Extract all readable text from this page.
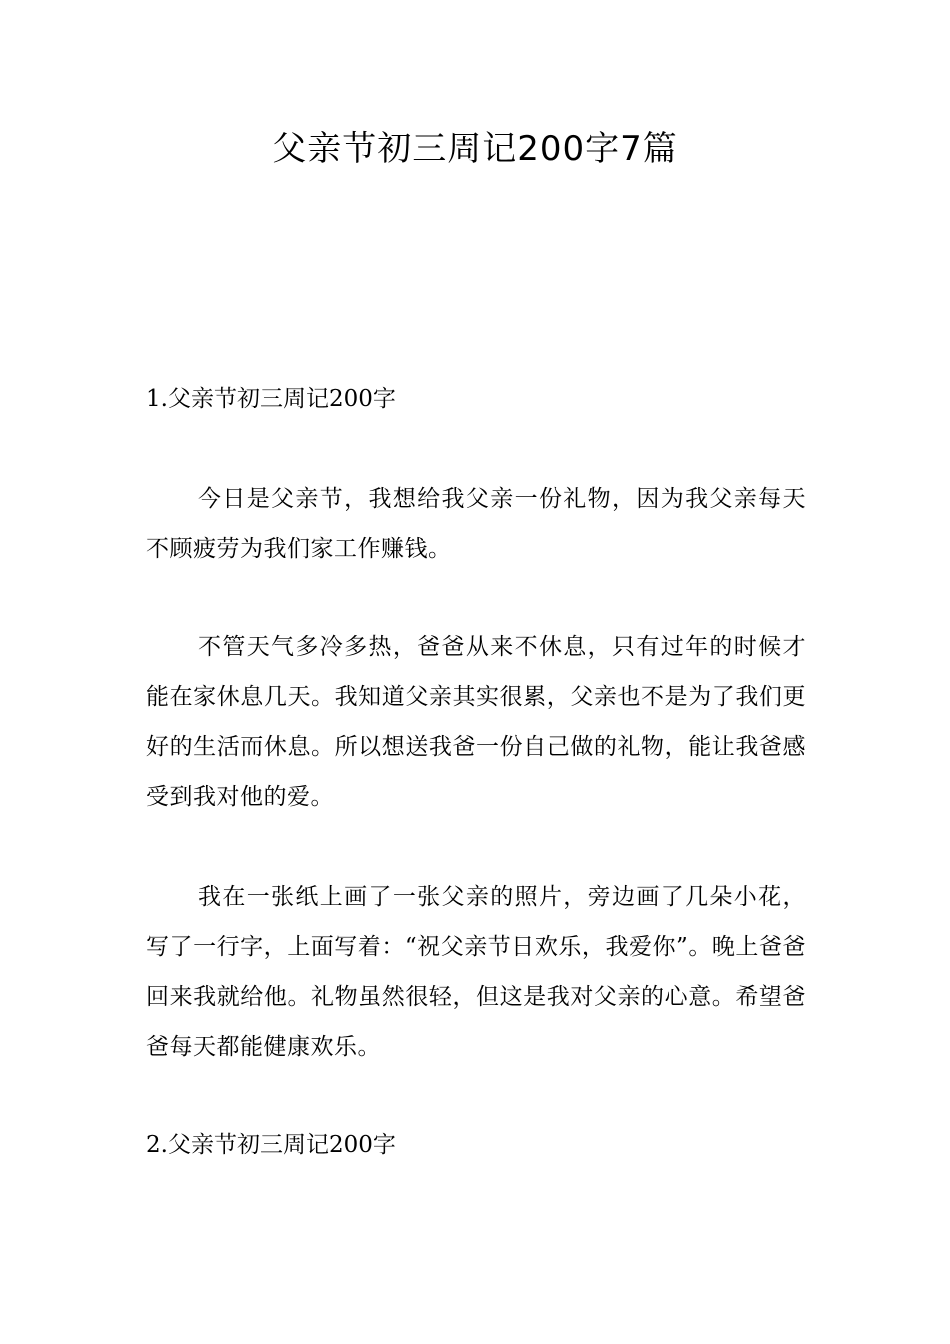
父亲节初三周记200字7篇
1.父亲节初三周记200字

今日是父亲节，我想给我父亲一份礼物，因为我父亲每天不顾疲劳为我们家工作赚钱。

不管天气多冷多热，爸爸从来不休息，只有过年的时候才能在家休息几天。我知道父亲其实很累，父亲也不是为了我们更好的生活而休息。所以想送我爸一份自己做的礼物，能让我爸感受到我对他的爱。

我在一张纸上画了一张父亲的照片，旁边画了几朵小花，写了一行字，上面写着：“祝父亲节日欢乐，我爱你”。晚上爸爸回来我就给他。礼物虽然很轻，但这是我对父亲的心意。希望爸爸每天都能健康欢乐。

2.父亲节初三周记200字
